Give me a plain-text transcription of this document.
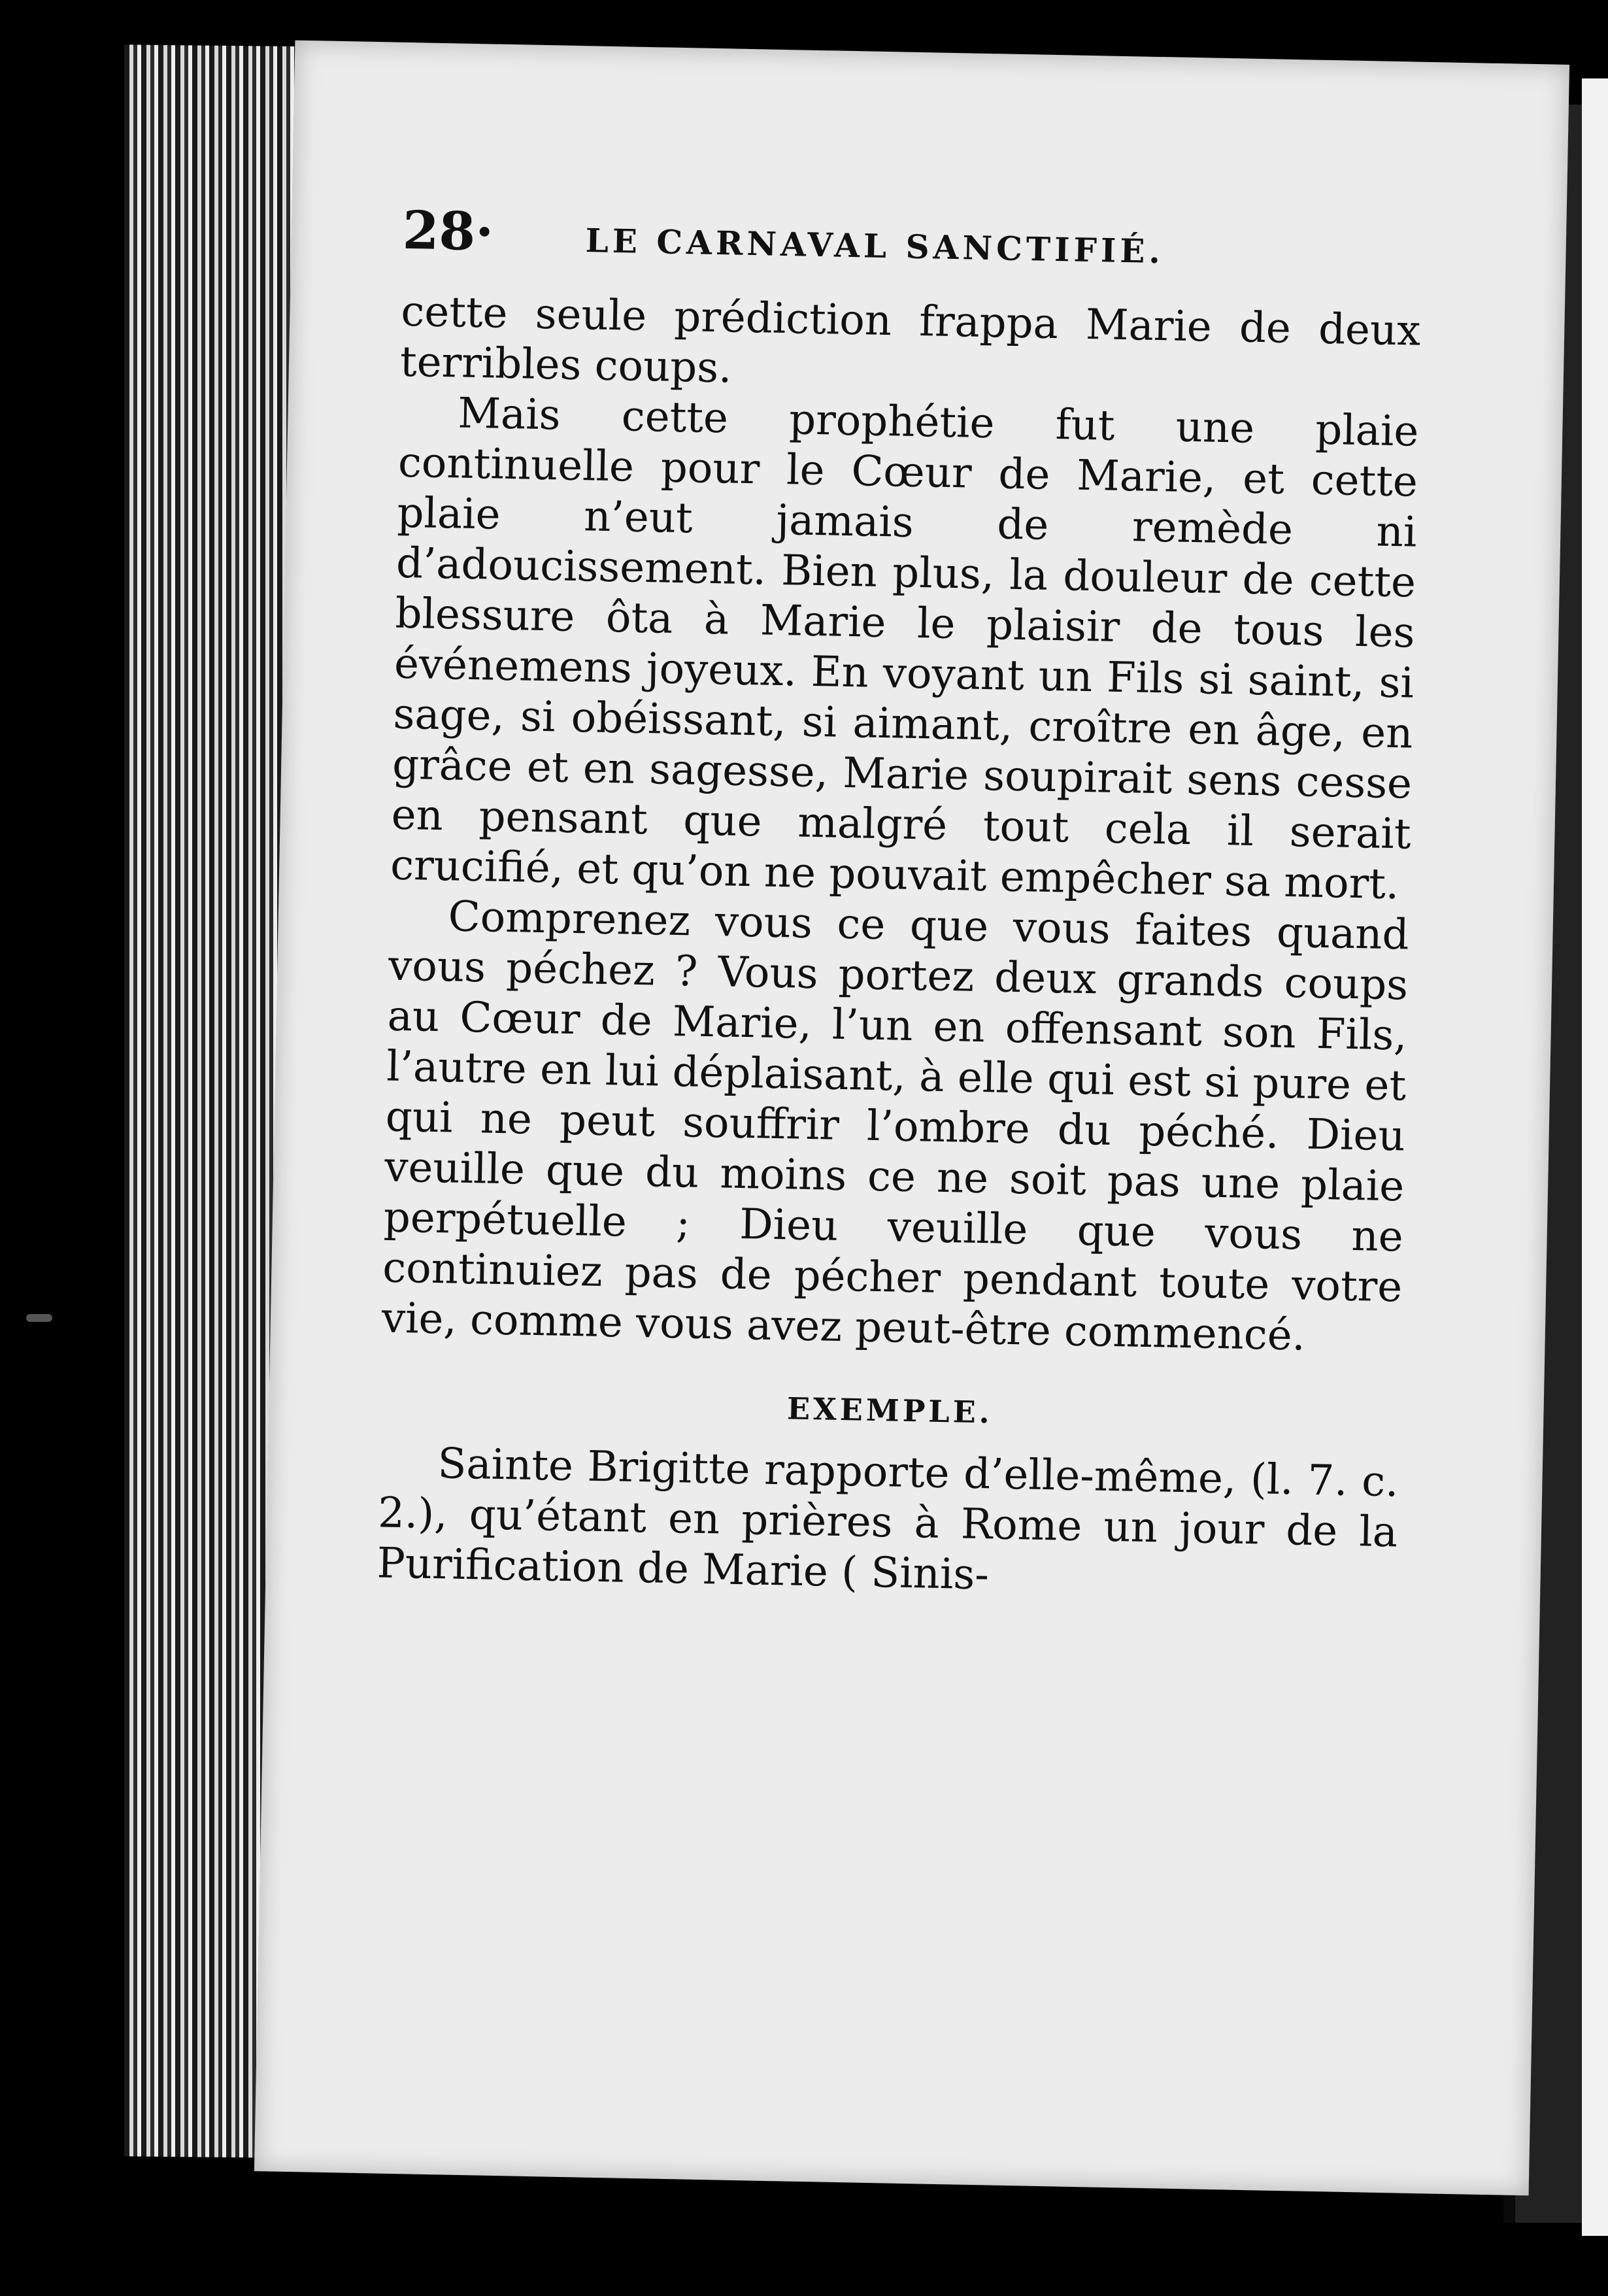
28·	LE CARNAVAL SANCTIFIÉ.

cette seule prédiction frappa Marie de deux terribles coups.

Mais cette prophétie fut une plaie continuelle pour le Cœur de Marie, et cette plaie n’eut jamais de remède ni d’adoucissement. Bien plus, la douleur de cette blessure ôta à Marie le plaisir de tous les événemens joyeux. En voyant un Fils si saint, si sage, si obéissant, si aimant, croître en âge, en grâce et en sagesse, Marie soupirait sens cesse en pensant que malgré tout cela il serait crucifié, et qu’on ne pouvait empêcher sa mort.

Comprenez vous ce que vous faites quand vous péchez ? Vous portez deux grands coups au Cœur de Marie, l’un en offensant son Fils, l’autre en lui déplaisant, à elle qui est si pure et qui ne peut souffrir l’ombre du péché. Dieu veuille que du moins ce ne soit pas une plaie perpétuelle ; Dieu veuille que vous ne continuiez pas de pécher pendant toute votre vie, comme vous avez peut-être commencé.

EXEMPLE.

Sainte Brigitte rapporte d’elle-même, (l. 7. c. 2.), qu’étant en prières à Rome un jour de la Purification de Marie ( Sinis-
